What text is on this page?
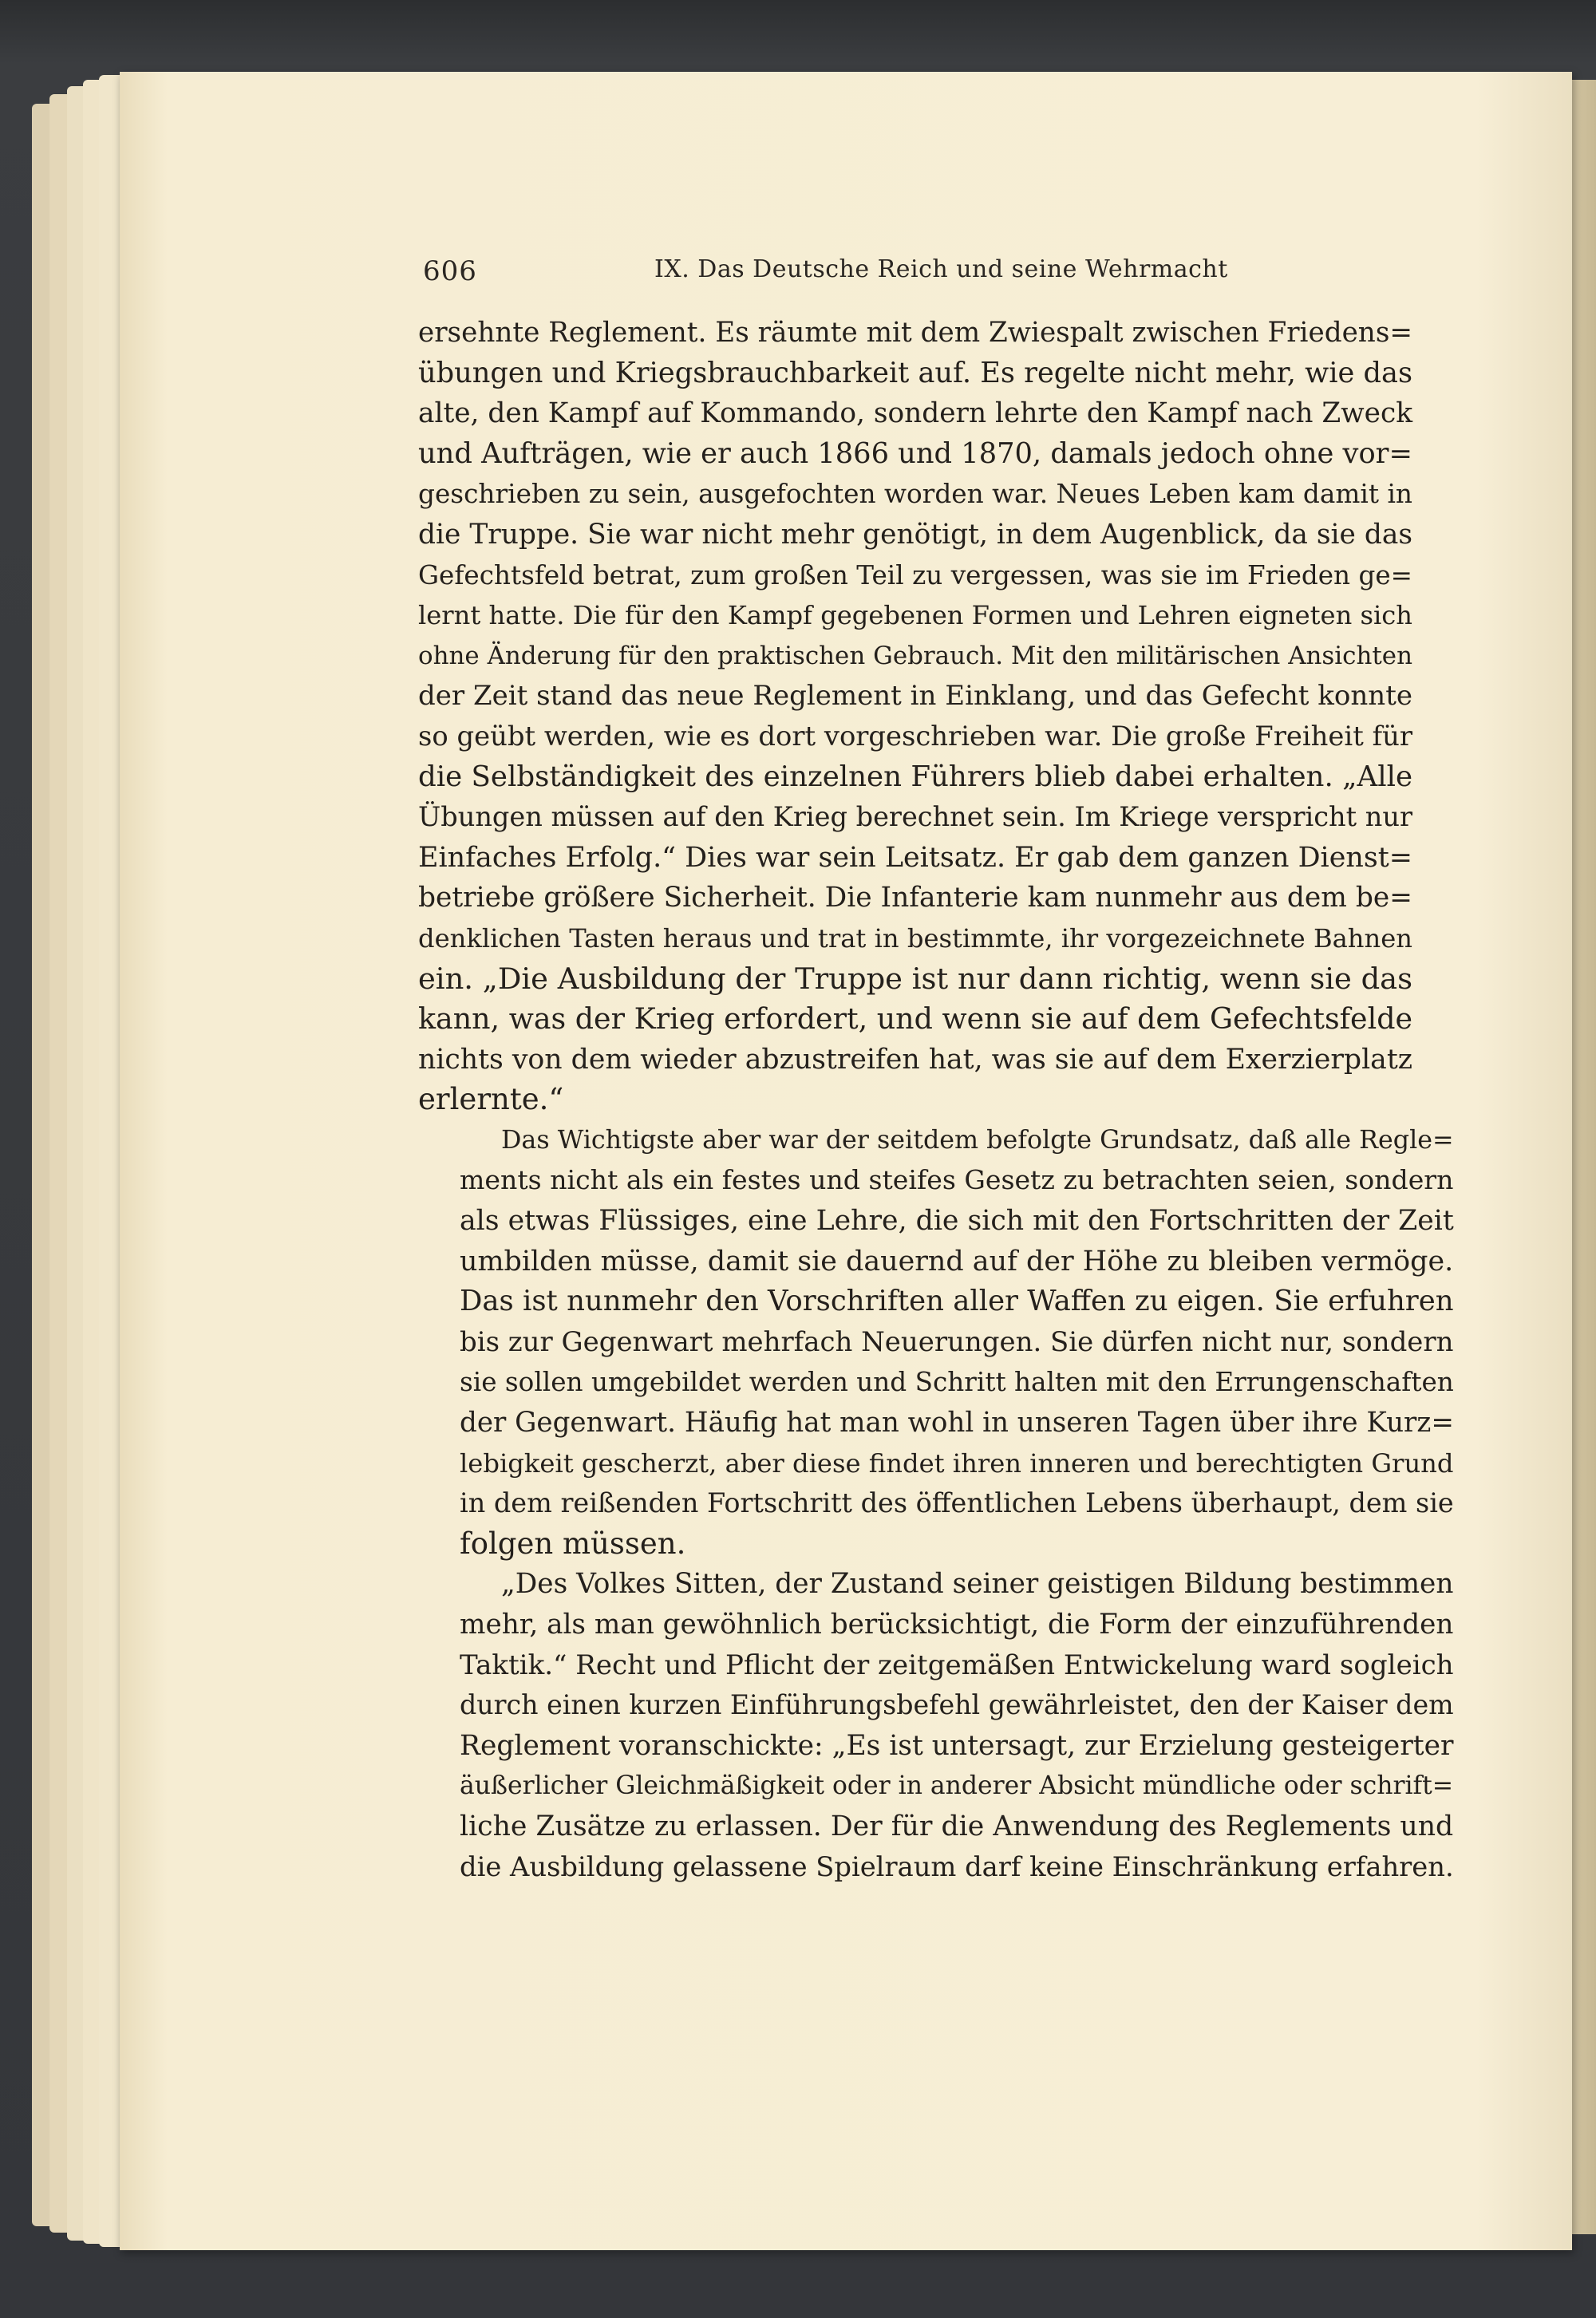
606	IX. Das Deutsche Reich und seine Wehrmacht
ersehnte Reglement. Es räumte mit dem Zwiespalt zwischen Friedens=
übungen und Kriegsbrauchbarkeit auf. Es regelte nicht mehr, wie das
alte, den Kampf auf Kommando, sondern lehrte den Kampf nach Zweck
und Aufträgen, wie er auch 1866 und 1870, damals jedoch ohne vor=
geschrieben zu sein, ausgefochten worden war. Neues Leben kam damit in
die Truppe. Sie war nicht mehr genötigt, in dem Augenblick, da sie das
Gefechtsfeld betrat, zum großen Teil zu vergessen, was sie im Frieden ge=
lernt hatte. Die für den Kampf gegebenen Formen und Lehren eigneten sich
ohne Änderung für den praktischen Gebrauch. Mit den militärischen Ansichten
der Zeit stand das neue Reglement in Einklang, und das Gefecht konnte
so geübt werden, wie es dort vorgeschrieben war. Die große Freiheit für
die Selbständigkeit des einzelnen Führers blieb dabei erhalten. „Alle
Übungen müssen auf den Krieg berechnet sein. Im Kriege verspricht nur
Einfaches Erfolg.“ Dies war sein Leitsatz. Er gab dem ganzen Dienst=
betriebe größere Sicherheit. Die Infanterie kam nunmehr aus dem be=
denklichen Tasten heraus und trat in bestimmte, ihr vorgezeichnete Bahnen
ein. „Die Ausbildung der Truppe ist nur dann richtig, wenn sie das
kann, was der Krieg erfordert, und wenn sie auf dem Gefechtsfelde
nichts von dem wieder abzustreifen hat, was sie auf dem Exerzierplatz
erlernte.“
Das Wichtigste aber war der seitdem befolgte Grundsatz, daß alle Regle=
ments nicht als ein festes und steifes Gesetz zu betrachten seien, sondern
als etwas Flüssiges, eine Lehre, die sich mit den Fortschritten der Zeit
umbilden müsse, damit sie dauernd auf der Höhe zu bleiben vermöge.
Das ist nunmehr den Vorschriften aller Waffen zu eigen. Sie erfuhren
bis zur Gegenwart mehrfach Neuerungen. Sie dürfen nicht nur, sondern
sie sollen umgebildet werden und Schritt halten mit den Errungenschaften
der Gegenwart. Häufig hat man wohl in unseren Tagen über ihre Kurz=
lebigkeit gescherzt, aber diese findet ihren inneren und berechtigten Grund
in dem reißenden Fortschritt des öffentlichen Lebens überhaupt, dem sie
folgen müssen.
„Des Volkes Sitten, der Zustand seiner geistigen Bildung bestimmen
mehr, als man gewöhnlich berücksichtigt, die Form der einzuführenden
Taktik.“ Recht und Pflicht der zeitgemäßen Entwickelung ward sogleich
durch einen kurzen Einführungsbefehl gewährleistet, den der Kaiser dem
Reglement voranschickte: „Es ist untersagt, zur Erzielung gesteigerter
äußerlicher Gleichmäßigkeit oder in anderer Absicht mündliche oder schrift=
liche Zusätze zu erlassen. Der für die Anwendung des Reglements und
die Ausbildung gelassene Spielraum darf keine Einschränkung erfahren.
